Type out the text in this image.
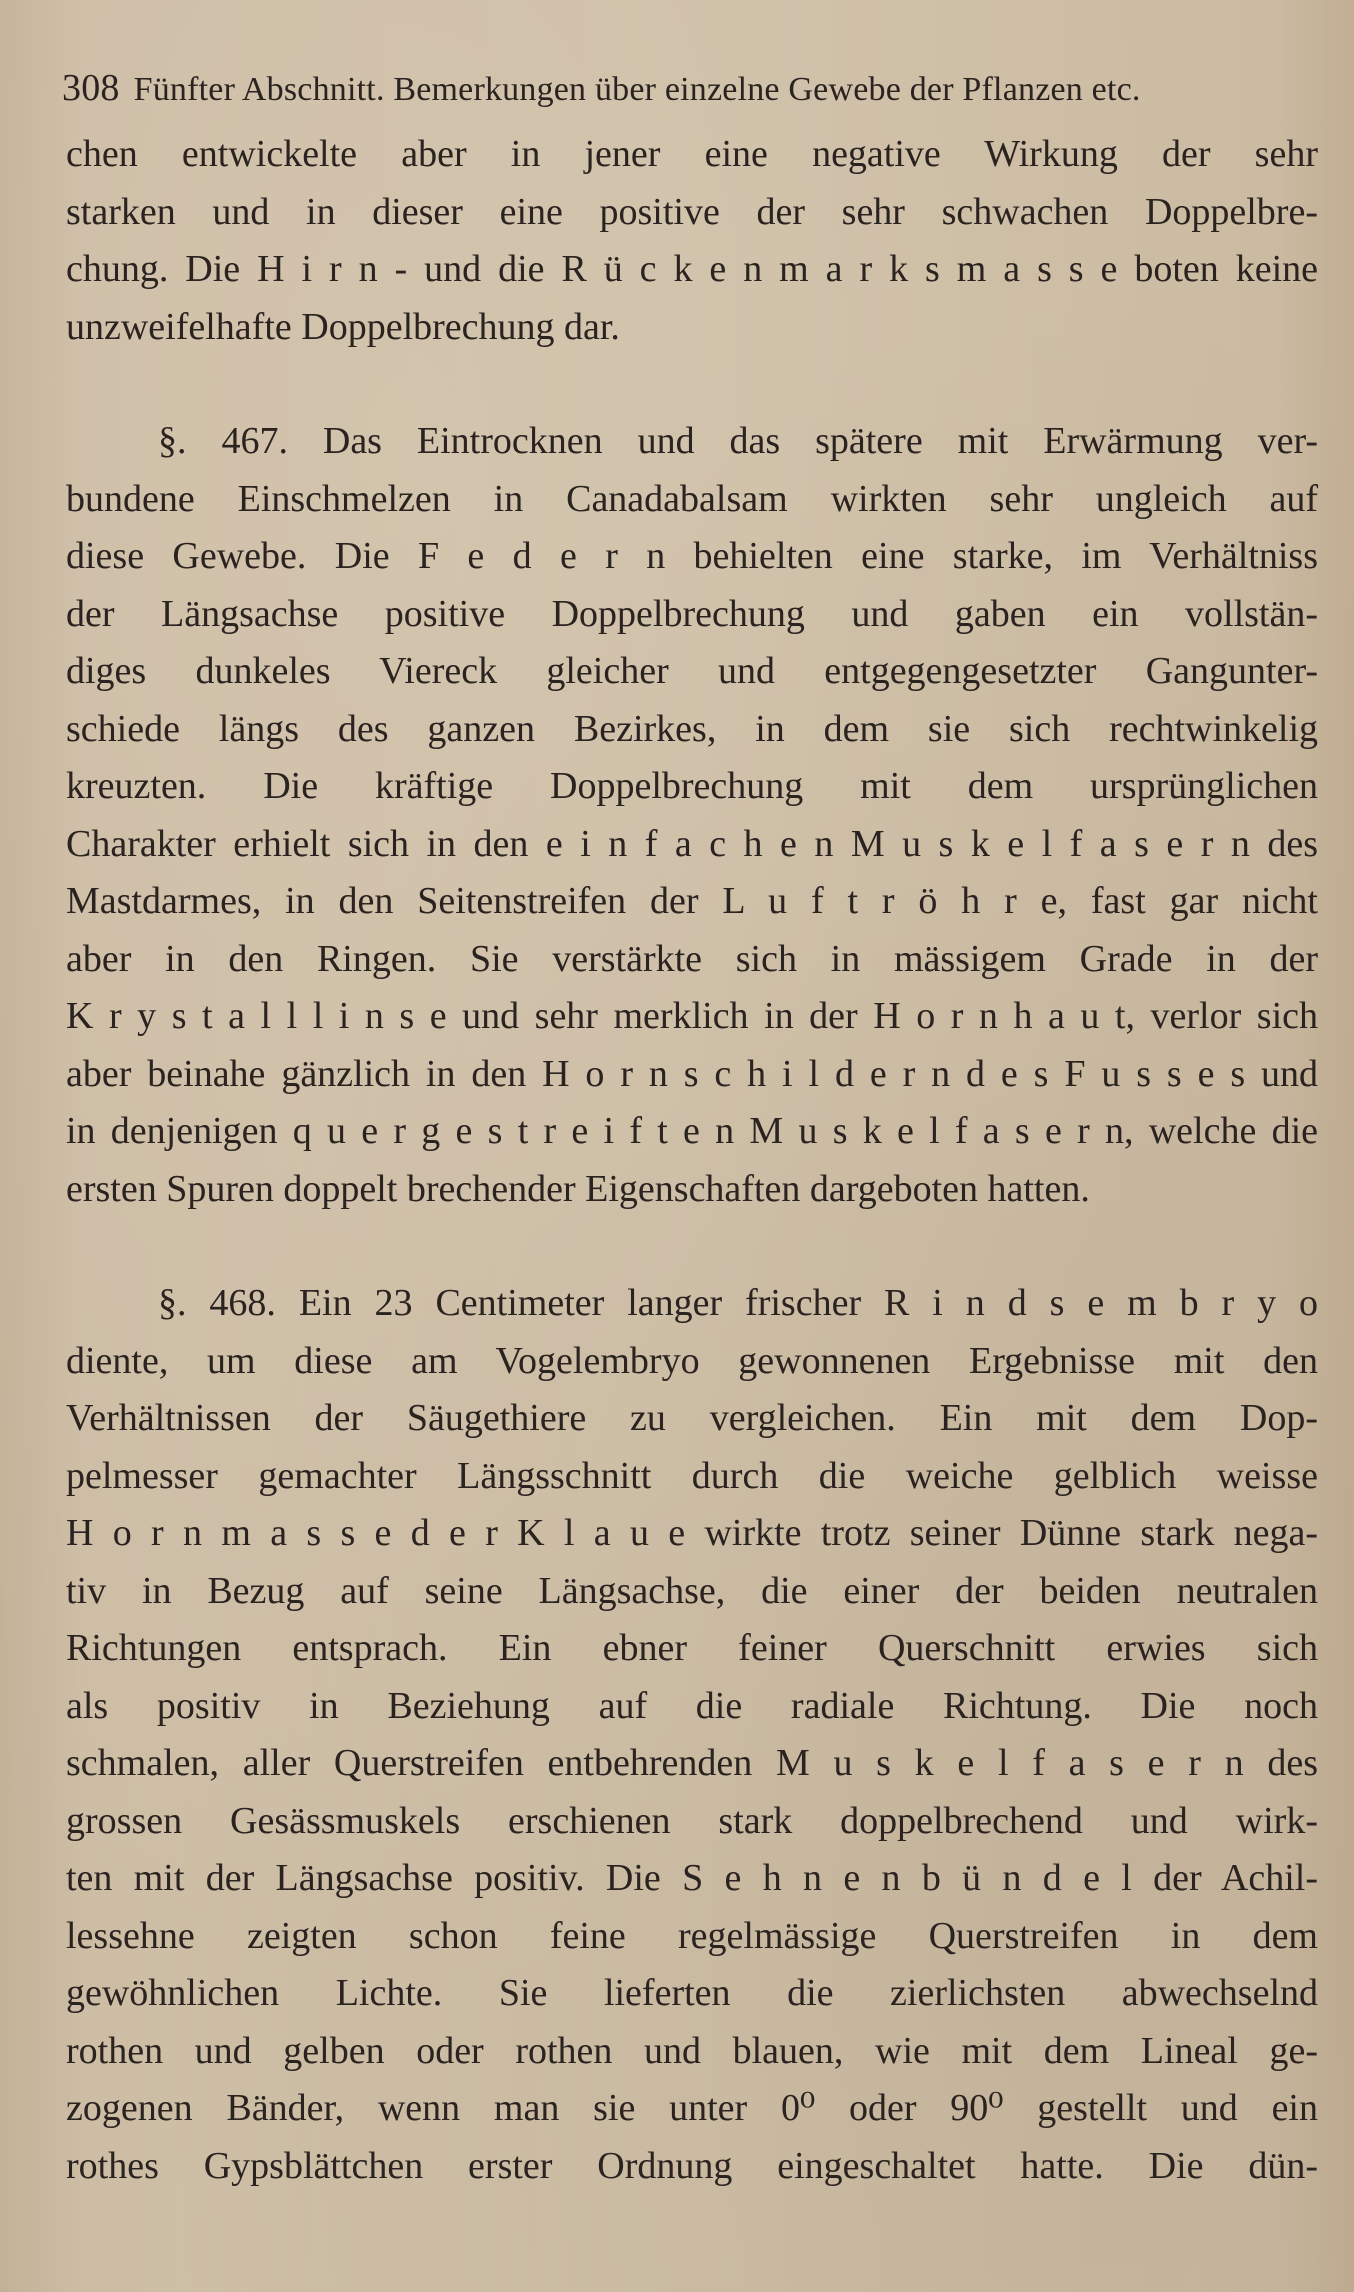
308 Fünfter Abschnitt. Bemerkungen über einzelne Gewebe der Pflanzen etc.
chen entwickelte aber in jener eine negative Wirkung der sehr
starken und in dieser eine positive der sehr schwachen Doppelbre-
chung. Die H i r n - und die R ü c k e n m a r k s m a s s e boten keine
unzweifelhafte Doppelbrechung dar.
§. 467. Das Eintrocknen und das spätere mit Erwärmung ver-
bundene Einschmelzen in Canadabalsam wirkten sehr ungleich auf
diese Gewebe. Die F e d e r n behielten eine starke, im Verhältniss
der Längsachse positive Doppelbrechung und gaben ein vollstän-
diges dunkeles Viereck gleicher und entgegengesetzter Gangunter-
schiede längs des ganzen Bezirkes, in dem sie sich rechtwinkelig
kreuzten. Die kräftige Doppelbrechung mit dem ursprünglichen
Charakter erhielt sich in den e i n f a c h e n M u s k e l f a s e r n des
Mastdarmes, in den Seitenstreifen der L u f t r ö h r e, fast gar nicht
aber in den Ringen. Sie verstärkte sich in mässigem Grade in der
K r y s t a l l l i n s e und sehr merklich in der H o r n h a u t, verlor sich
aber beinahe gänzlich in den H o r n s c h i l d e r n d e s F u s s e s und
in denjenigen q u e r g e s t r e i f t e n M u s k e l f a s e r n, welche die
ersten Spuren doppelt brechender Eigenschaften dargeboten hatten.
§. 468. Ein 23 Centimeter langer frischer R i n d s e m b r y o
diente, um diese am Vogelembryo gewonnenen Ergebnisse mit den
Verhältnissen der Säugethiere zu vergleichen. Ein mit dem Dop-
pelmesser gemachter Längsschnitt durch die weiche gelblich weisse
H o r n m a s s e d e r K l a u e wirkte trotz seiner Dünne stark nega-
tiv in Bezug auf seine Längsachse, die einer der beiden neutralen
Richtungen entsprach. Ein ebner feiner Querschnitt erwies sich
als positiv in Beziehung auf die radiale Richtung. Die noch
schmalen, aller Querstreifen entbehrenden M u s k e l f a s e r n des
grossen Gesässmuskels erschienen stark doppelbrechend und wirk-
ten mit der Längsachse positiv. Die S e h n e n b ü n d e l der Achil-
lessehne zeigten schon feine regelmässige Querstreifen in dem
gewöhnlichen Lichte. Sie lieferten die zierlichsten abwechselnd
rothen und gelben oder rothen und blauen, wie mit dem Lineal ge-
zogenen Bänder, wenn man sie unter 0⁰ oder 90⁰ gestellt und ein
rothes Gypsblättchen erster Ordnung eingeschaltet hatte. Die dün-
